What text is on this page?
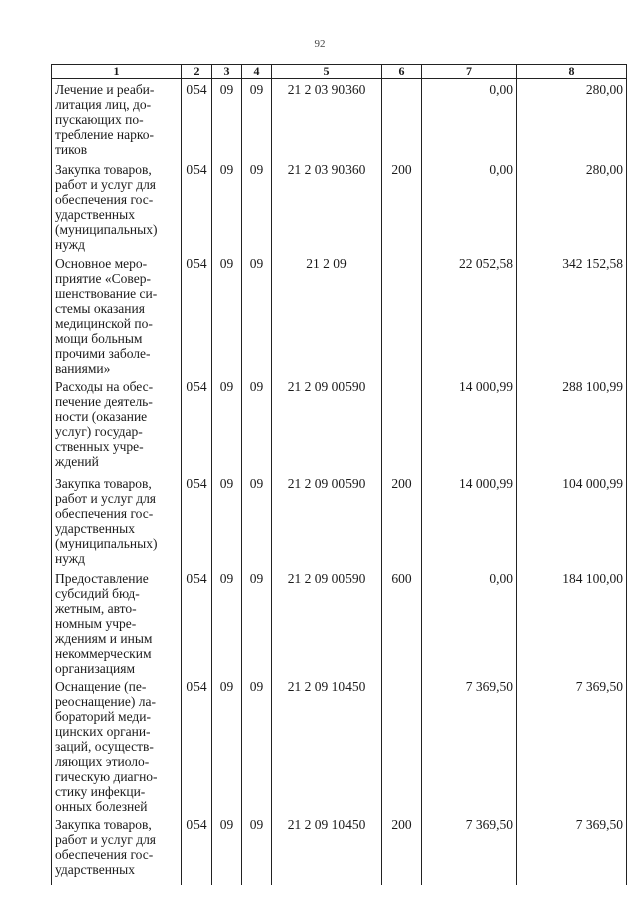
92
1	2	3	4	5	6	7	8
Лечение и реаби- литация лиц, до- пускающих по- требление нарко- тиков	054	09	09	21 2 03 90360		0,00	280,00
Закупка товаров, работ и услуг для обеспечения гос- ударственных (муниципальных) нужд	054	09	09	21 2 03 90360	200	0,00	280,00
Основное меро- приятие «Совер- шенствование си- стемы оказания медицинской по- мощи больным прочими заболе- ваниями»	054	09	09	21 2 09		22 052,58	342 152,58
Расходы на обес- печение деятель- ности (оказание услуг) государ- ственных учре- ждений	054	09	09	21 2 09 00590		14 000,99	288 100,99
Закупка товаров, работ и услуг для обеспечения гос- ударственных (муниципальных) нужд	054	09	09	21 2 09 00590	200	14 000,99	104 000,99
Предоставление субсидий бюд- жетным, авто- номным учре- ждениям и иным некоммерческим организациям	054	09	09	21 2 09 00590	600	0,00	184 100,00
Оснащение (пе- реоснащение) ла- бораторий меди- цинских органи- заций, осуществ- ляющих этиоло- гическую диагно- стику инфекци- онных болезней	054	09	09	21 2 09 10450		7 369,50	7 369,50
Закупка товаров, работ и услуг для обеспечения гос- ударственных	054	09	09	21 2 09 10450	200	7 369,50	7 369,50
